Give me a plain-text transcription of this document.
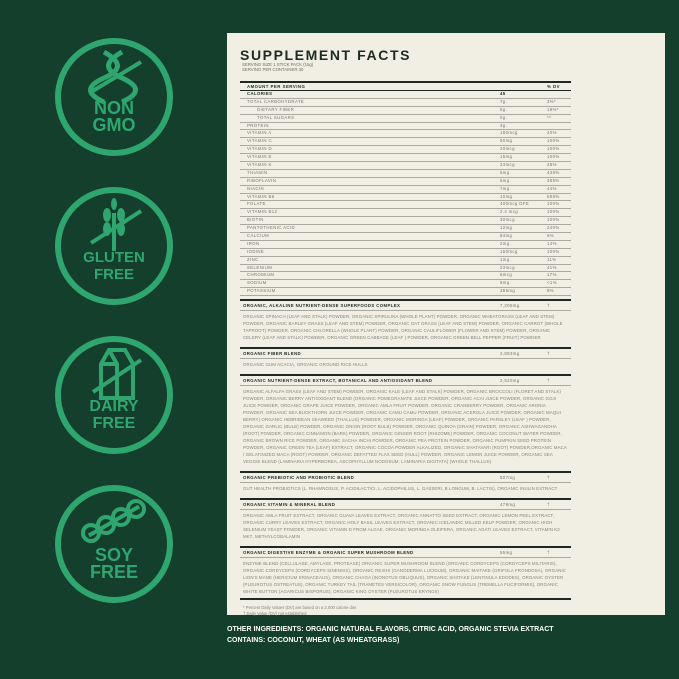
NON
GMO
GLUTEN
FREE
DAIRY
FREE
SOY
FREE
SUPPLEMENT FACTS
SERVING SIZE 1 STICK PACK (15g)
SERVING PER CONTAINER 30
AMOUNT PER SERVING	% DV
CALORIES	45
TOTAL CARBOHYDRATE	7g	3%*
DIETARY FIBER	5g	19%*
TOTAL SUGARS	0g	**
PROTEIN	3g
VITAMIN A	180mcg	20%
VITAMIN C	90mg	100%
VITAMIN D	20mcg	100%
VITAMIN E	15mg	100%
VITAMIN K	33mcg	28%
THIAMIN	5mg	438%
RIBOFLAVIN	5mg	385%
NIACIN	7mg	44%
VITAMIN B6	10mg	588%
FOLATE	400mcg DFE	100%
VITAMIN B12	2.4 mcg	100%
BIOTIN	30mcg	100%
PANTOTHENIC ACID	12mg	240%
CALCIUM	84mg	6%
IRON	2mg	14%
IODINE	150mcg	100%
ZINC	1mg	11%
SELENIUM	23mcg	41%
CHROMIUM	6mcg	17%
SODIUM	9mg	<1%
POTASSIUM	395mg	8%
ORGANIC, ALKALINE NUTRIENT-DENSE SUPERFOODS COMPLEX	7,205mg	†
ORGANIC SPINACH (LEAF AND STALK) POWDER, ORGANIC SPIRULINA (WHOLE PLANT) POWDER, ORGANIC WHEATGRASS (LEAF AND STEM) POWDER, ORGANIC BARLEY GRASS (LEAF AND STEM) POWDER, ORGANIC OAT GRASS (LEAF AND STEM) POWDER, ORGANIC CARROT (WHOLE TAPROOT) POWDER, ORGANIC CHLORELLA (WHOLE PLANT) POWDER, ORGANIC CAULIFLOWER (FLOWER AND STEM) POWDER, ORGANIC CELERY (LEAF AND STALK) POWDER, ORGANIC GREEN CABBAGE (LEAF ) POWDER, ORGANIC GREEN BELL PEPPER (FRUIT) POWDER
ORGANIC FIBER BLEND	2,893mg	†
ORGANIC GUM ACACIA, ORGANIC GROUND RICE HULLS
ORGANIC NUTRIENT-DENSE EXTRACT, BOTANICAL AND ANTIOXIDANT BLEND	2,520mg	†
ORGANIC ALFALFA GRASS (LEAF AND STEM) POWDER, ORGANIC KALE (LEAF AND STALK) POWDER, ORGANIC BROCCOLI (FLORET AND STALK) POWDER, ORGANIC BERRY ANTIOXIDANT BLEND (ORGANIC POMEGRANATE JUICE POWDER, ORGANIC ACAI JUICE POWDER, ORGANIC GOJI JUICE POWDER, ORGANIC GRAPE JUICE POWDER, ORGANIC AMLA FRUIT POWDER, ORGANIC CRANBERRY POWDER, ORGANIC ARONIA POWDER, ORGANIC SEA BUCKTHORN JUICE POWDER, ORGANIC CAMU CAMU POWDER, ORGANIC ACEROLA JUICE POWDER, ORGANIC MAQUI BERRY) ORGANIC HEBRIDEAN SEAWEED (THALLUS) POWDER, ORGANIC MORINGA (LEAF) POWDER, ORGANIC PARSLEY (LEAF ) POWDER, ORGANIC GARLIC (BULB) POWDER, ORGANIC ONION (ROOT BULB) POWDER, ORGANIC QUINOA (GRAIN) POWDER, ORGANIC ASHWAGANDHA (ROOT) POWDER, ORGANIC CINNAMON (BARK) POWDER, ORGANIC GINGER ROOT (RHIZOME) POWDER, ORGANIC COCONUT WATER POWDER, ORGANIC BROWN RICE POWDER, ORGANIC SACHA INCHI POWDER, ORGANIC PEA PROTEIN POWDER, ORGANIC PUMPKIN SEED PROTEIN POWDER, ORGANIC GREEN TEA (LEAF) EXTRACT, ORGANIC COCOA POWDER ALKALIZED, ORGANIC SHATAVARI (ROOT) POWDER,ORGANIC MACA / GELATINIZED MACA (ROOT) POWDER, ORGANIC DEFATTED FLAX SEED (HULL) POWDER, ORGANIC LEMON JUICE POWDER, ORGANIC SEA VEGGIE BLEND (LAMINARIA HYPERBOREA, ASCOPHYLLUM NODOSUM, LAMINARIA DIGITATA) (WHOLE THALLUS)
ORGANIC PREBIOTIC AND PROBIOTIC BLEND	507mg	†
GUT HEALTH PROBIOTICS (L. RHAMNOSUS, P. ACIDILACTICI, L. ACIDOPHILUS, L. GASSERI, B.LONGUM, B. LACTIS), ORGANIC INULIN EXTRACT
ORGANIC VITAMIN & MINERAL BLEND	478mg	†
ORGANIC AMLA FRUIT EXTRACT, ORGANIC GUAVA LEAVES EXTRACT, ORGANIC ANNATTO SEED EXTRACT, ORGANIC LEMON PEEL EXTRACT, ORGANIC CURRY LEAVES EXTRACT, ORGANIC HOLY BASIL LEAVES EXTRACT, ORGANIC ICELANDIC MILLED KELP POWDER, ORGANIC HIGH SELENIUM YEAST POWDER, ORGANIC VITAMIN D FROM ALGAE, ORGANIC MORINGA OLEIFERA, ORGANIC AGATI LEAVES EXTRACT, VITAMIN K2 MK7, METHYLCOBALAMIN
ORGANIC DIGESTIVE ENZYME & ORGANIC SUPER MUSHROOM BLEND	55mg	†
ENZYME BLEND (CELLULASE, AMYLASE, PROTEASE) ORGANIC SUPER MUSHROOM BLEND (ORGANIC CORDYCEPS (CORDYCEPS MILITARIS), ORGANIC CORDYCEPS (CORDYCEPS SINENSIS), ORGANIC REISHI (GANODERMA LUCIDUM), ORGANIC MAITAKE (GRIFOLA FRONDOSA), ORGANIC LION'S MANE (HERICIUM ERINACEAUS), ORGANIC CHAGA (INONOTUS OBLIQUUS), ORGANIC SHIITAKE (LENTINULA EDODES), ORGANIC OYSTER (PLEUROTUS OSTREATUS), ORGANIC TURKEY TAIL (TRAMETES VERSICOLOR), ORGANIC SNOW FUNGUS (TREMELLA FUCIFORMIS), ORGANIC WHITE BUTTON (AGARICUS BISPORUS), ORGANIC KING OYSTER (PLEUROTUS ERYNGII)
* Percent Daily Values (DV) are based on a 2,000 calorie diet
† Daily Value (DV) not established
OTHER INGREDIENTS: ORGANIC NATURAL FLAVORS, CITRIC ACID, ORGANIC STEVIA EXTRACT
CONTAINS: COCONUT, WHEAT (AS WHEATGRASS)
